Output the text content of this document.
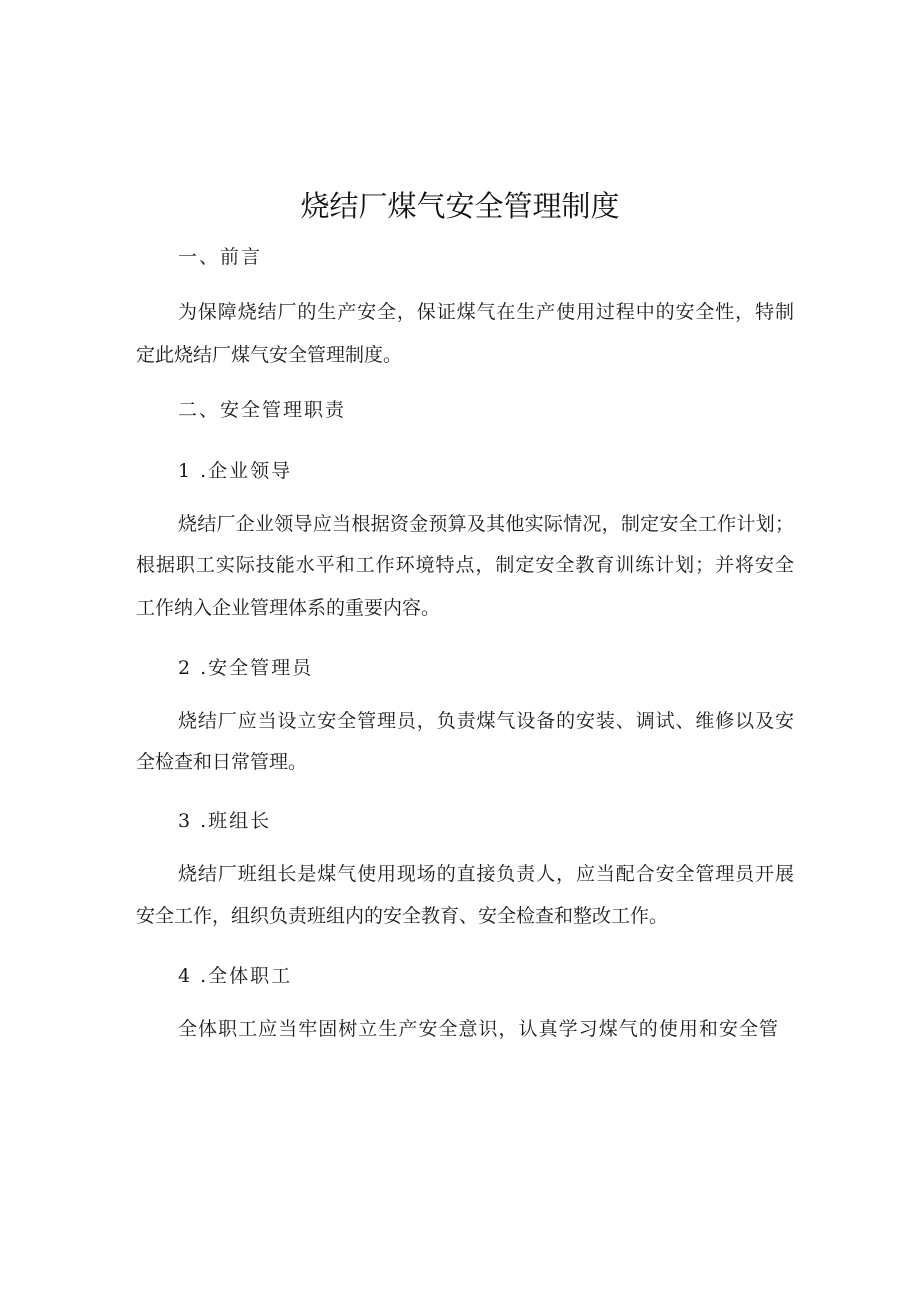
烧结厂煤气安全管理制度
一、前言
为保障烧结厂的生产安全，保证煤气在生产使用过程中的安全性，特制
定此烧结厂煤气安全管理制度。
二、安全管理职责
1 .企业领导
烧结厂企业领导应当根据资金预算及其他实际情况，制定安全工作计划；
根据职工实际技能水平和工作环境特点，制定安全教育训练计划；并将安全
工作纳入企业管理体系的重要内容。
2 .安全管理员
烧结厂应当设立安全管理员，负责煤气设备的安装、调试、维修以及安
全检查和日常管理。
3 .班组长
烧结厂班组长是煤气使用现场的直接负责人，应当配合安全管理员开展
安全工作，组织负责班组内的安全教育、安全检查和整改工作。
4 .全体职工
全体职工应当牢固树立生产安全意识，认真学习煤气的使用和安全管
